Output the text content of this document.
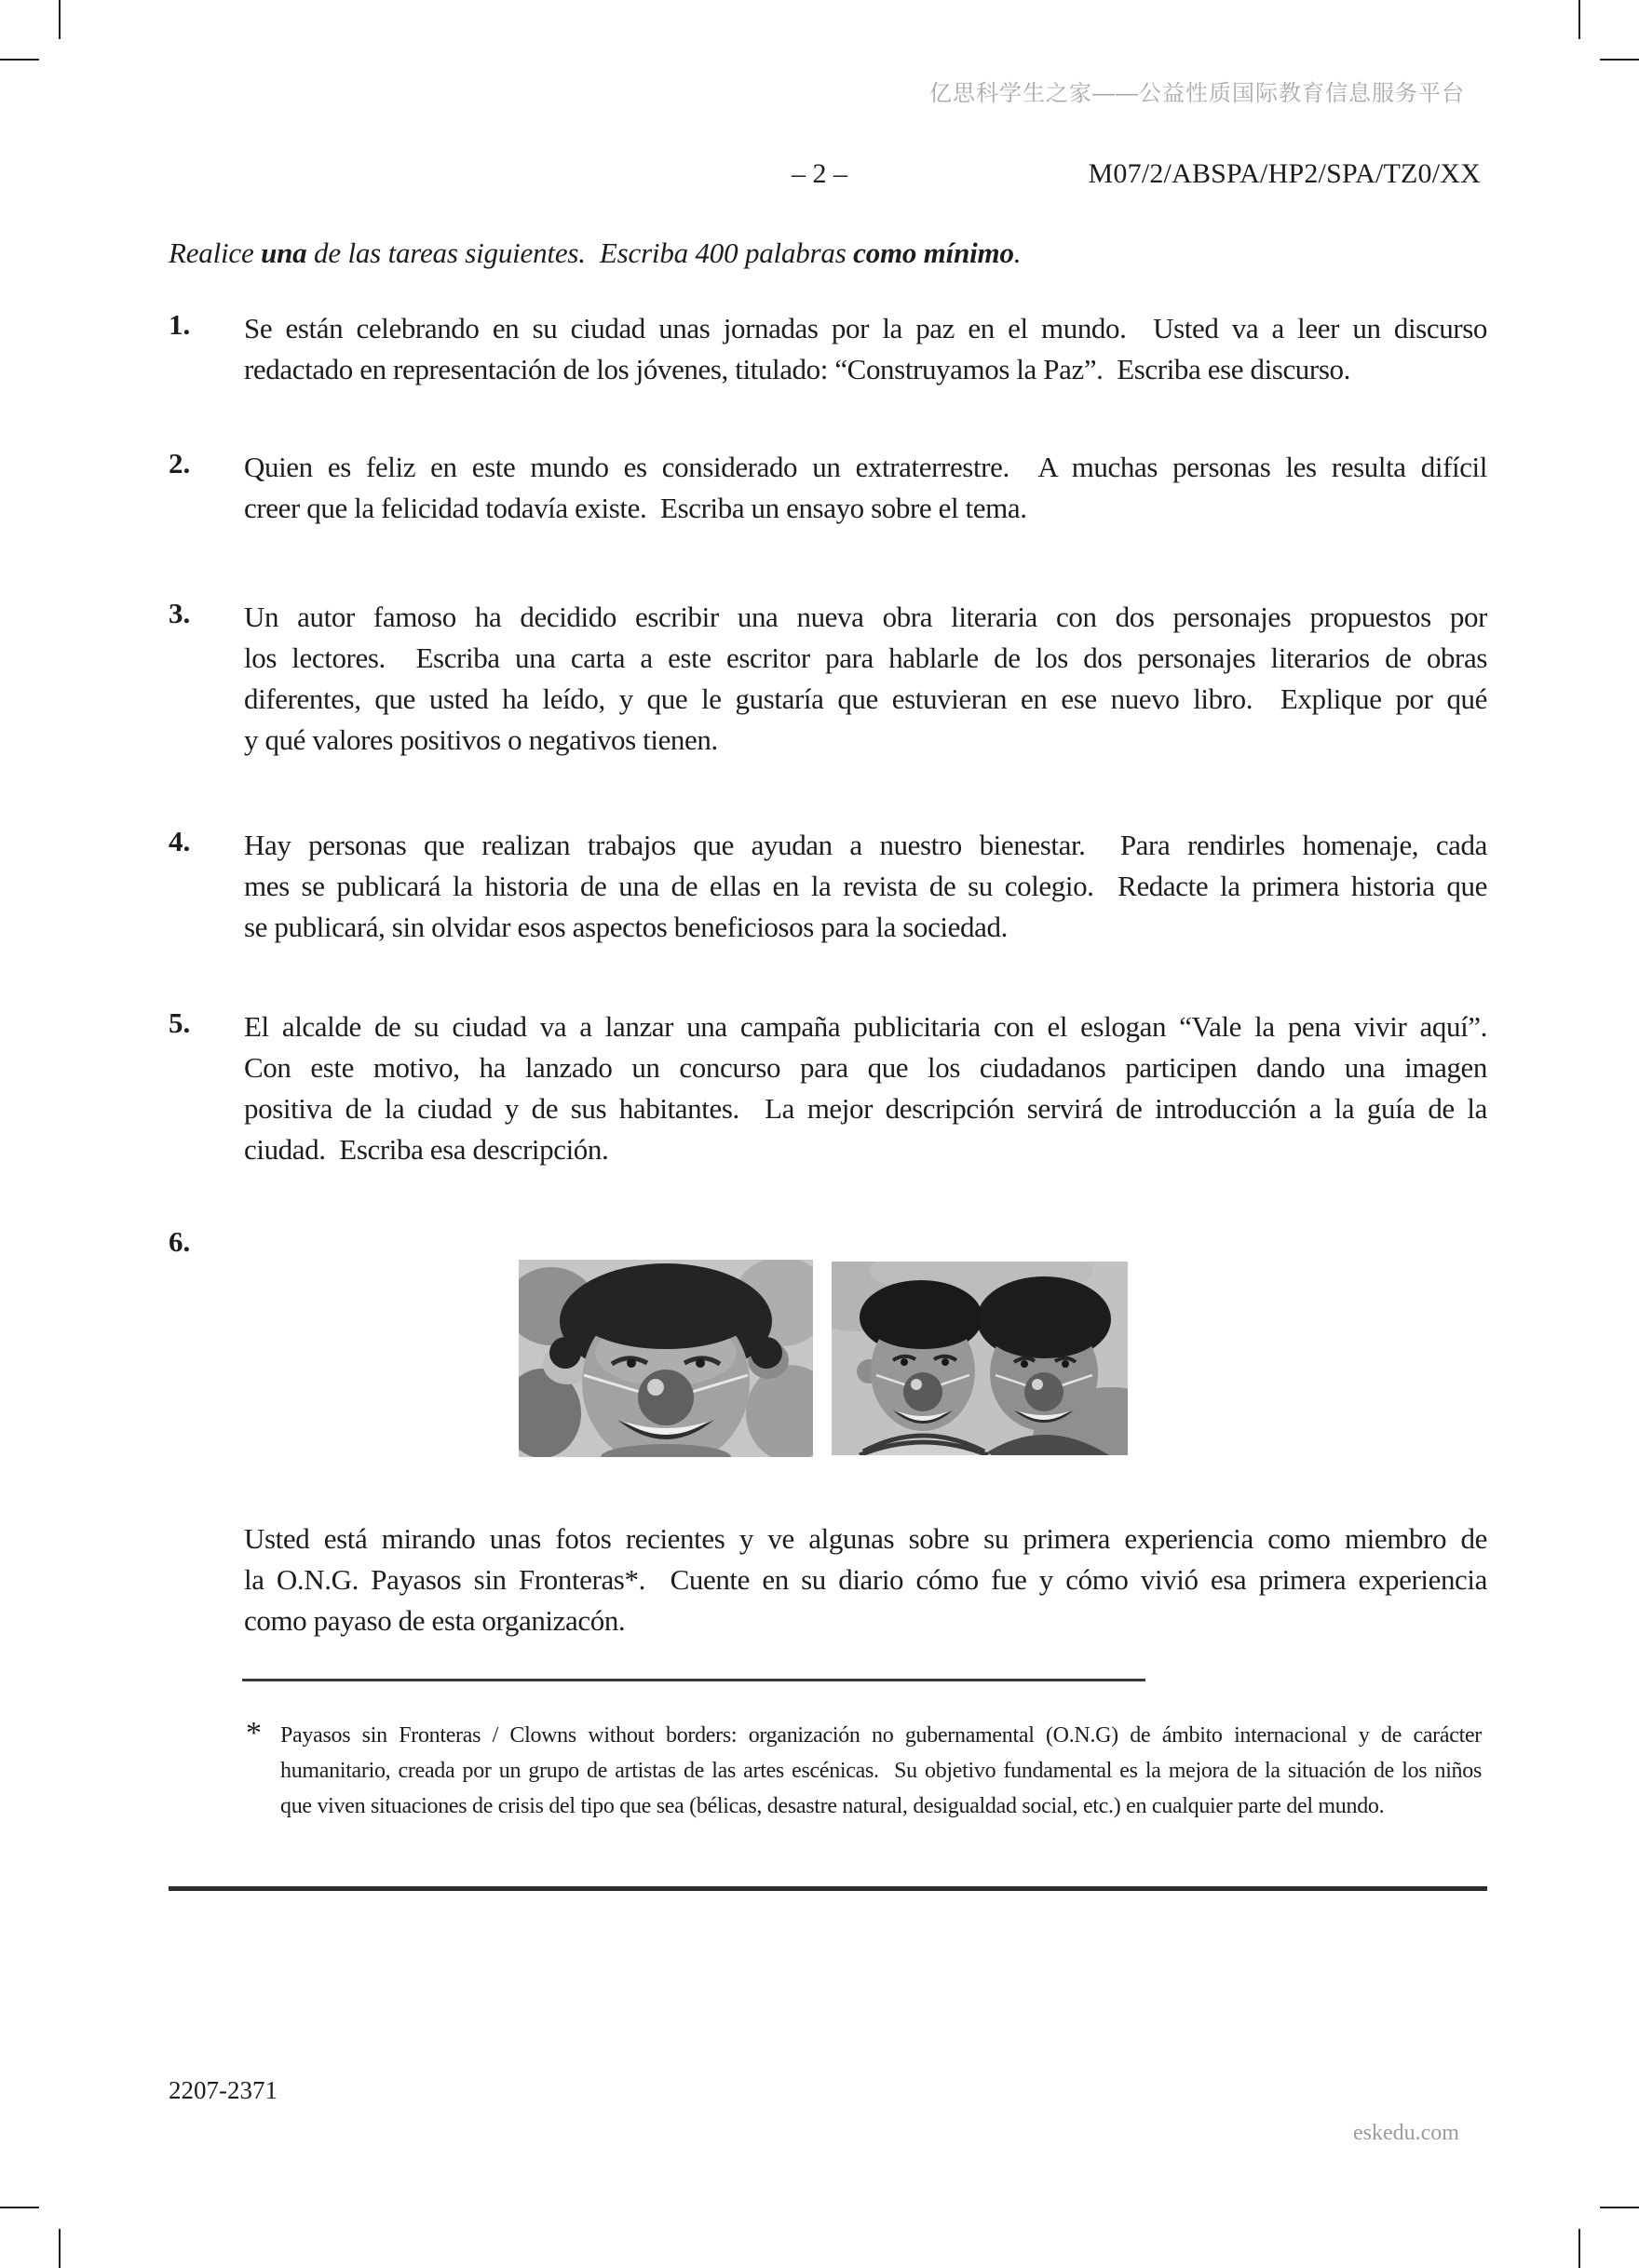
亿思科学生之家——公益性质国际教育信息服务平台
– 2 –	M07/2/ABSPA/HP2/SPA/TZ0/XX

Realice una de las tareas siguientes.  Escriba 400 palabras como mínimo.

1. Se están celebrando en su ciudad unas jornadas por la paz en el mundo.  Usted va a leer un discurso
redactado en representación de los jóvenes, titulado: “Construyamos la Paz”.  Escriba ese discurso.
2. Quien es feliz en este mundo es considerado un extraterrestre.  A muchas personas les resulta difícil
creer que la felicidad todavía existe.  Escriba un ensayo sobre el tema.
3. Un autor famoso ha decidido escribir una nueva obra literaria con dos personajes propuestos por
los lectores.  Escriba una carta a este escritor para hablarle de los dos personajes literarios de obras
diferentes, que usted ha leído, y que le gustaría que estuvieran en ese nuevo libro.  Explique por qué
y qué valores positivos o negativos tienen.
4. Hay personas que realizan trabajos que ayudan a nuestro bienestar.  Para rendirles homenaje, cada
mes se publicará la historia de una de ellas en la revista de su colegio.  Redacte la primera historia que
se publicará, sin olvidar esos aspectos beneficiosos para la sociedad.
5. El alcalde de su ciudad va a lanzar una campaña publicitaria con el eslogan “Vale la pena vivir aquí”.
Con este motivo, ha lanzado un concurso para que los ciudadanos participen dando una imagen
positiva de la ciudad y de sus habitantes.  La mejor descripción servirá de introducción a la guía de la
ciudad.  Escriba esa descripción.
6.
Usted está mirando unas fotos recientes y ve algunas sobre su primera experiencia como miembro de
la O.N.G. Payasos sin Fronteras*.  Cuente en su diario cómo fue y cómo vivió esa primera experiencia
como payaso de esta organizacón.
* Payasos sin Fronteras / Clowns without borders: organización no gubernamental (O.N.G) de ámbito internacional y de carácter
humanitario, creada por un grupo de artistas de las artes escénicas.  Su objetivo fundamental es la mejora de la situación de los niños
que viven situaciones de crisis del tipo que sea (bélicas, desastre natural, desigualdad social, etc.) en cualquier parte del mundo.
2207-2371
eskedu.com
